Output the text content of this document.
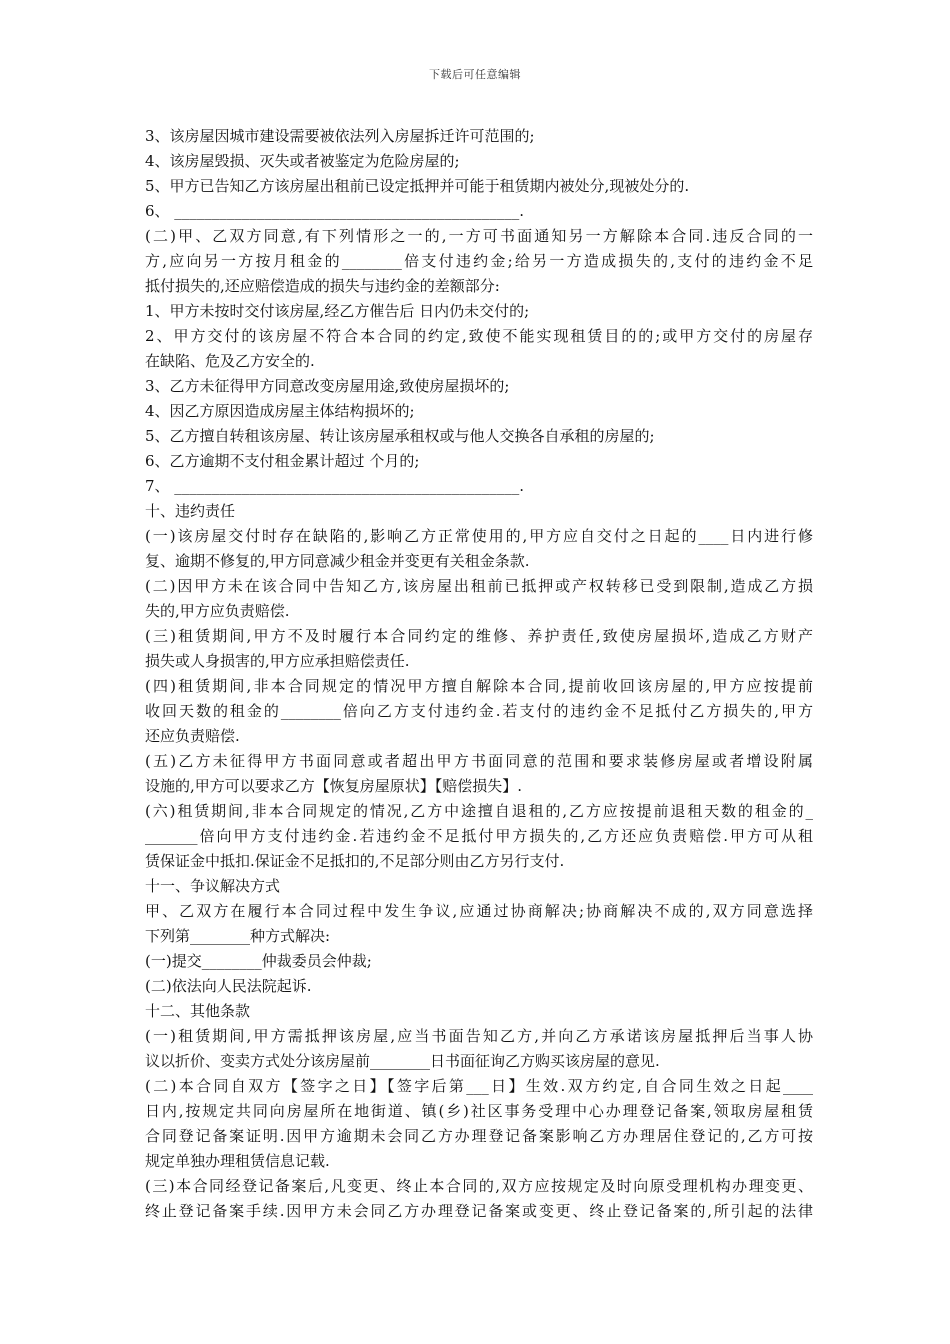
下载后可任意编辑
3、该房屋因城市建设需要被依法列入房屋拆迁许可范围的;
4、该房屋毁损、灭失或者被鉴定为危险房屋的;
5、甲方已告知乙方该房屋出租前已设定抵押并可能于租赁期内被处分,现被处分的.
6、 ______________________________________________.
(二)甲、乙双方同意,有下列情形之一的,一方可书面通知另一方解除本合同.违反合同的一
方,应向另一方按月租金的________倍支付违约金;给另一方造成损失的,支付的违约金不足
抵付损失的,还应赔偿造成的损失与违约金的差额部分:
1、甲方未按时交付该房屋,经乙方催告后 日内仍未交付的;
2、甲方交付的该房屋不符合本合同的约定,致使不能实现租赁目的的;或甲方交付的房屋存
在缺陷、危及乙方安全的.
3、乙方未征得甲方同意改变房屋用途,致使房屋损坏的;
4、因乙方原因造成房屋主体结构损坏的;
5、乙方擅自转租该房屋、转让该房屋承租权或与他人交换各自承租的房屋的;
6、乙方逾期不支付租金累计超过 个月的;
7、 ______________________________________________.
十、违约责任
(一)该房屋交付时存在缺陷的,影响乙方正常使用的,甲方应自交付之日起的____日内进行修
复、逾期不修复的,甲方同意减少租金并变更有关租金条款.
(二)因甲方未在该合同中告知乙方,该房屋出租前已抵押或产权转移已受到限制,造成乙方损
失的,甲方应负责赔偿.
(三)租赁期间,甲方不及时履行本合同约定的维修、养护责任,致使房屋损坏,造成乙方财产
损失或人身损害的,甲方应承担赔偿责任.
(四)租赁期间,非本合同规定的情况甲方擅自解除本合同,提前收回该房屋的,甲方应按提前
收回天数的租金的________倍向乙方支付违约金.若支付的违约金不足抵付乙方损失的,甲方
还应负责赔偿.
(五)乙方未征得甲方书面同意或者超出甲方书面同意的范围和要求装修房屋或者增设附属
设施的,甲方可以要求乙方【恢复房屋原状】【赔偿损失】.
(六)租赁期间,非本合同规定的情况,乙方中途擅自退租的,乙方应按提前退租天数的租金的_
_______倍向甲方支付违约金.若违约金不足抵付甲方损失的,乙方还应负责赔偿.甲方可从租
赁保证金中抵扣.保证金不足抵扣的,不足部分则由乙方另行支付.
十一、争议解决方式
甲、乙双方在履行本合同过程中发生争议,应通过协商解决;协商解决不成的,双方同意选择
下列第________种方式解决:
(一)提交________仲裁委员会仲裁;
(二)依法向人民法院起诉.
十二、其他条款
(一)租赁期间,甲方需抵押该房屋,应当书面告知乙方,并向乙方承诺该房屋抵押后当事人协
议以折价、变卖方式处分该房屋前________日书面征询乙方购买该房屋的意见.
(二)本合同自双方【签字之日】【签字后第___日】生效.双方约定,自合同生效之日起____
日内,按规定共同向房屋所在地街道、镇(乡)社区事务受理中心办理登记备案,领取房屋租赁
合同登记备案证明.因甲方逾期未会同乙方办理登记备案影响乙方办理居住登记的,乙方可按
规定单独办理租赁信息记载.
(三)本合同经登记备案后,凡变更、终止本合同的,双方应按规定及时向原受理机构办理变更、
终止登记备案手续.因甲方未会同乙方办理登记备案或变更、终止登记备案的,所引起的法律
